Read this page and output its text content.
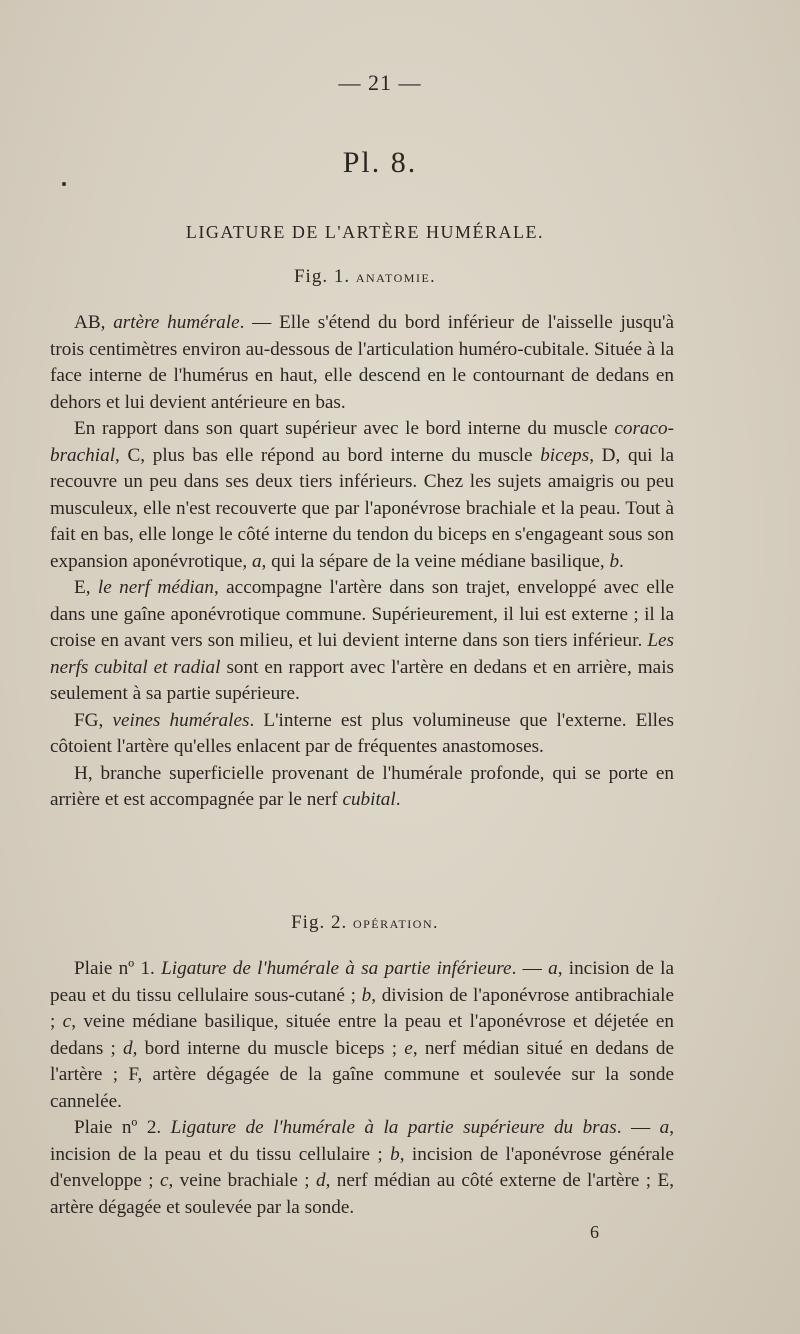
— 21 —
Pl. 8.
LIGATURE DE L'ARTÈRE HUMÉRALE.
Fig. 1. anatomie.

AB, artère humérale. — Elle s'étend du bord inférieur de l'aisselle jusqu'à trois centimètres environ au-dessous de l'articulation huméro-cubitale. Située à la face interne de l'humérus en haut, elle descend en le contournant de dedans en dehors et lui devient antérieure en bas.

En rapport dans son quart supérieur avec le bord interne du muscle coraco-brachial, C, plus bas elle répond au bord interne du muscle biceps, D, qui la recouvre un peu dans ses deux tiers inférieurs. Chez les sujets amaigris ou peu musculeux, elle n'est recouverte que par l'aponévrose brachiale et la peau. Tout à fait en bas, elle longe le côté interne du tendon du biceps en s'engageant sous son expansion aponévrotique, a, qui la sépare de la veine médiane basilique, b.

E, le nerf médian, accompagne l'artère dans son trajet, enveloppé avec elle dans une gaîne aponévrotique commune. Supérieurement, il lui est externe ; il la croise en avant vers son milieu, et lui devient interne dans son tiers inférieur. Les nerfs cubital et radial sont en rapport avec l'artère en dedans et en arrière, mais seulement à sa partie supérieure.

FG, veines humérales. L'interne est plus volumineuse que l'externe. Elles côtoient l'artère qu'elles enlacent par de fréquentes anastomoses.

H, branche superficielle provenant de l'humérale profonde, qui se porte en arrière et est accompagnée par le nerf cubital.

Fig. 2. opération.

Plaie nº 1. Ligature de l'humérale à sa partie inférieure. — a, incision de la peau et du tissu cellulaire sous-cutané ; b, division de l'aponévrose antibrachiale ; c, veine médiane basilique, située entre la peau et l'aponévrose et déjetée en dedans ; d, bord interne du muscle biceps ; e, nerf médian situé en dedans de l'artère ; F, artère dégagée de la gaîne commune et soulevée sur la sonde cannelée.

Plaie nº 2. Ligature de l'humérale à la partie supérieure du bras. — a, incision de la peau et du tissu cellulaire ; b, incision de l'aponévrose générale d'enveloppe ; c, veine brachiale ; d, nerf médian au côté externe de l'artère ; E, artère dégagée et soulevée par la sonde.

6
